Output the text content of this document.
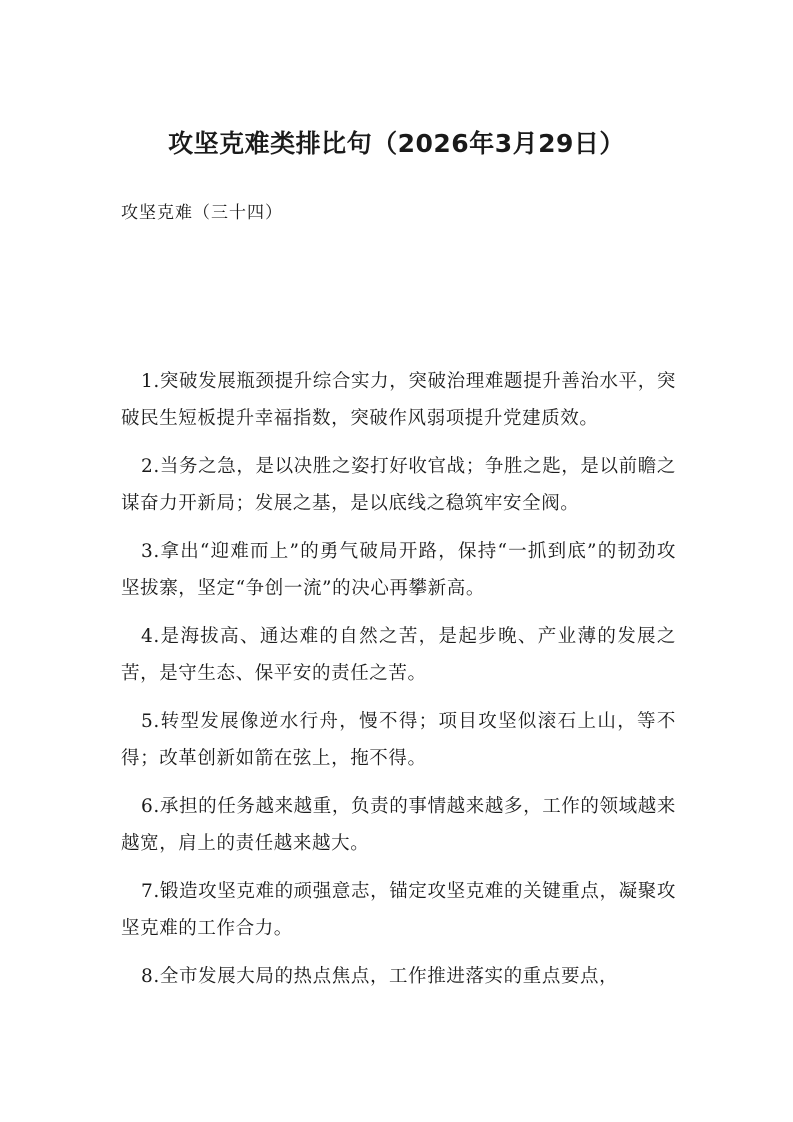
攻坚克难类排比句（2026年3月29日）
攻坚克难（三十四）

1.突破发展瓶颈提升综合实力，突破治理难题提升善治水平，突破民生短板提升幸福指数，突破作风弱项提升党建质效。

2.当务之急，是以决胜之姿打好收官战；争胜之匙，是以前瞻之谋奋力开新局；发展之基，是以底线之稳筑牢安全阀。

3.拿出“迎难而上”的勇气破局开路，保持“一抓到底”的韧劲攻坚拔寨，坚定“争创一流”的决心再攀新高。

4.是海拔高、通达难的自然之苦，是起步晚、产业薄的发展之苦，是守生态、保平安的责任之苦。

5.转型发展像逆水行舟，慢不得；项目攻坚似滚石上山，等不得；改革创新如箭在弦上，拖不得。

6.承担的任务越来越重，负责的事情越来越多，工作的领域越来越宽，肩上的责任越来越大。

7.锻造攻坚克难的顽强意志，锚定攻坚克难的关键重点，凝聚攻坚克难的工作合力。

8.全市发展大局的热点焦点，工作推进落实的重点要点，
